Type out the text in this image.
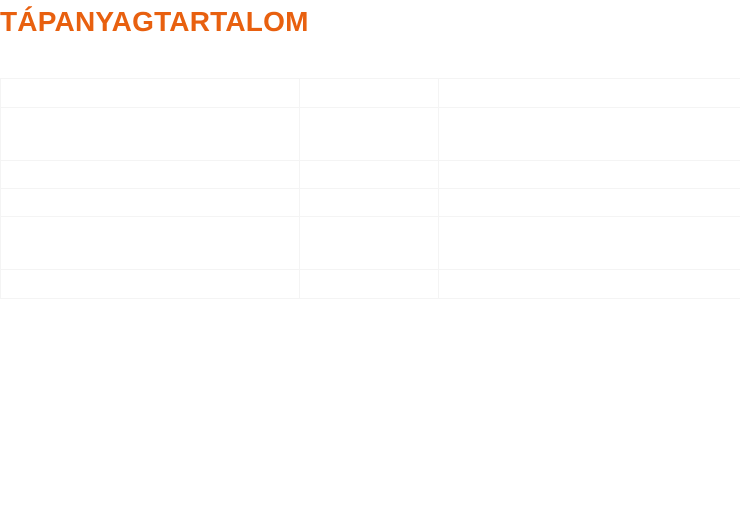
TÁPANYAGTARTALOM
